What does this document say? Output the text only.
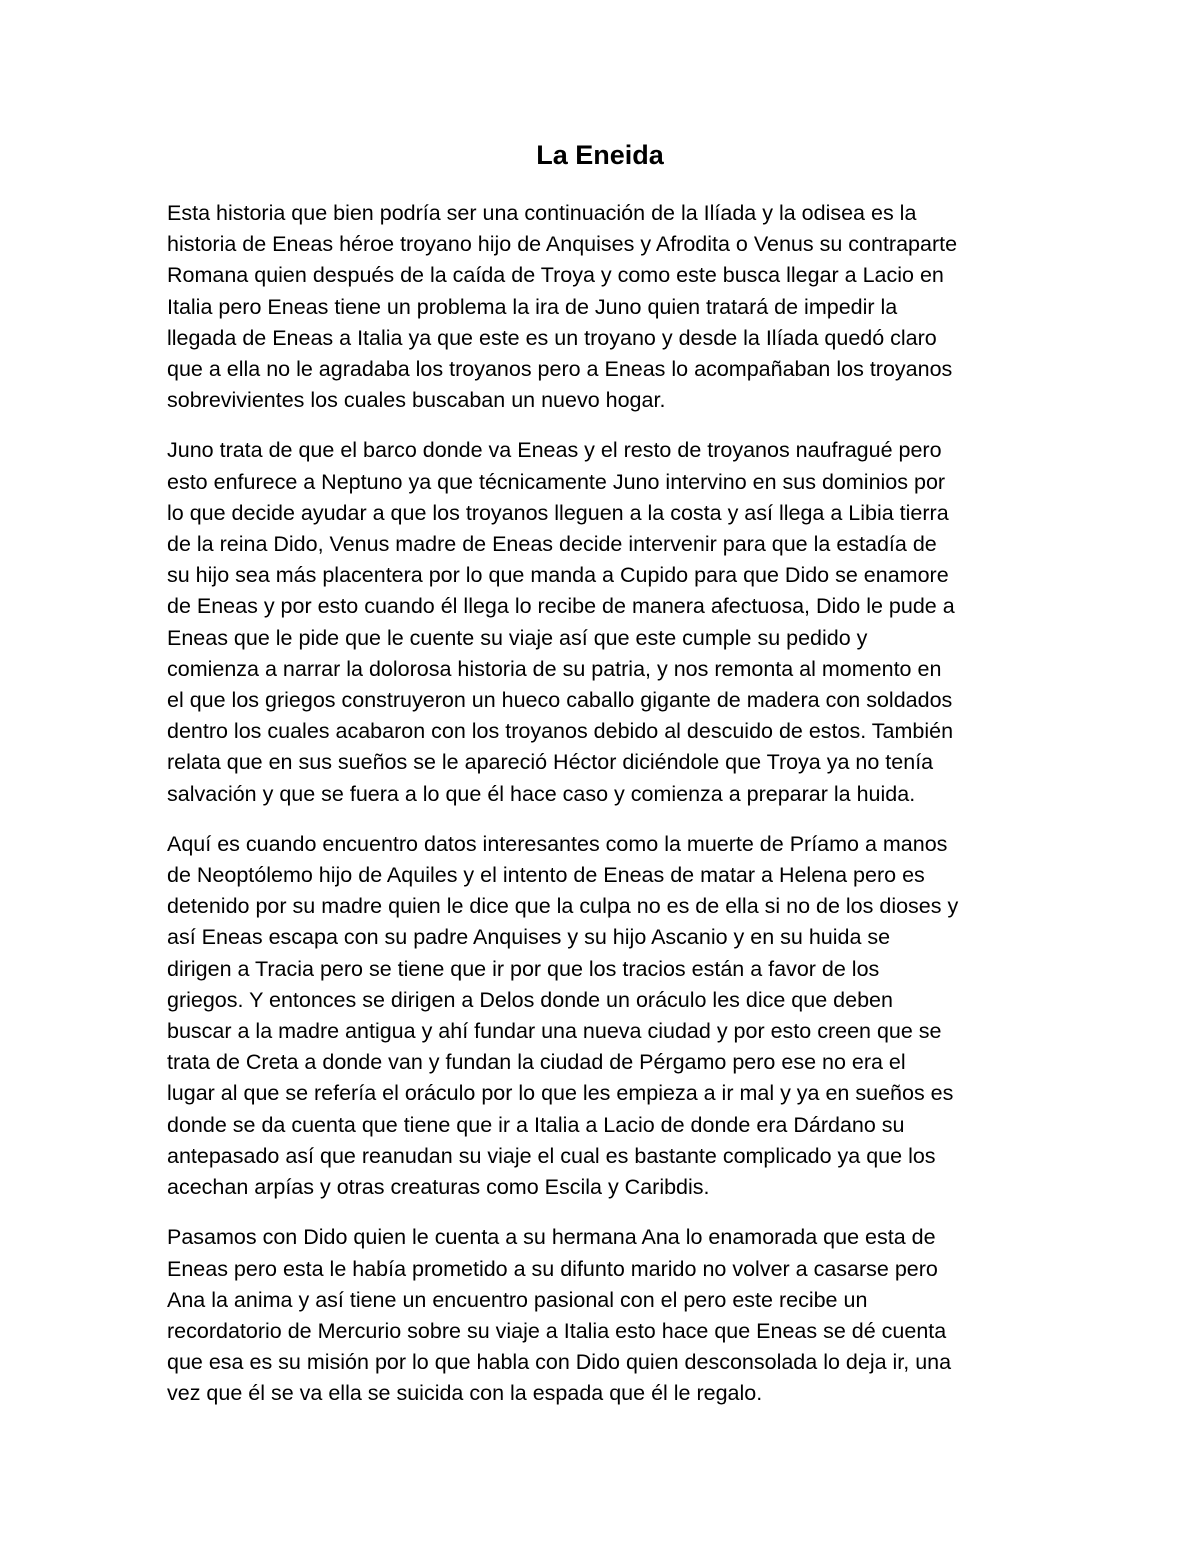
La Eneida

Esta historia que bien podría ser una continuación de la Ilíada y la odisea es la
historia de Eneas héroe troyano hijo de Anquises y Afrodita o Venus su contraparte
Romana quien después de la caída de Troya y como este busca llegar a Lacio en
Italia pero Eneas tiene un problema la ira de Juno quien tratará de impedir la
llegada de Eneas a Italia ya que este es un troyano y desde la Ilíada quedó claro
que a ella no le agradaba los troyanos pero a Eneas lo acompañaban los troyanos
sobrevivientes los cuales buscaban un nuevo hogar.

Juno trata de que el barco donde va Eneas y el resto de troyanos naufragué pero
esto enfurece a Neptuno ya que técnicamente Juno intervino en sus dominios por
lo que decide ayudar a que los troyanos lleguen a la costa y así llega a Libia tierra
de la reina Dido, Venus madre de Eneas decide intervenir para que la estadía de
su hijo sea más placentera por lo que manda a Cupido para que Dido se enamore
de Eneas y por esto cuando él llega lo recibe de manera afectuosa, Dido le pude a
Eneas que le pide que le cuente su viaje así que este cumple su pedido y
comienza a narrar la dolorosa historia de su patria, y nos remonta al momento en
el que los griegos construyeron un hueco caballo gigante de madera con soldados
dentro los cuales acabaron con los troyanos debido al descuido de estos. También
relata que en sus sueños se le apareció Héctor diciéndole que Troya ya no tenía
salvación y que se fuera a lo que él hace caso y comienza a preparar la huida.

Aquí es cuando encuentro datos interesantes como la muerte de Príamo a manos
de Neoptólemo hijo de Aquiles y el intento de Eneas de matar a Helena pero es
detenido por su madre quien le dice que la culpa no es de ella si no de los dioses y
así Eneas escapa con su padre Anquises y su hijo Ascanio y en su huida se
dirigen a Tracia pero se tiene que ir por que los tracios están a favor de los
griegos. Y entonces se dirigen a Delos donde un oráculo les dice que deben
buscar a la madre antigua y ahí fundar una nueva ciudad y por esto creen que se
trata de Creta a donde van y fundan la ciudad de Pérgamo pero ese no era el
lugar al que se refería el oráculo por lo que les empieza a ir mal y ya en sueños es
donde se da cuenta que tiene que ir a Italia a Lacio de donde era Dárdano su
antepasado así que reanudan su viaje el cual es bastante complicado ya que los
acechan arpías y otras creaturas como Escila y Caribdis.

Pasamos con Dido quien le cuenta a su hermana Ana lo enamorada que esta de
Eneas pero esta le había prometido a su difunto marido no volver a casarse pero
Ana la anima y así tiene un encuentro pasional con el pero este recibe un
recordatorio de Mercurio sobre su viaje a Italia esto hace que Eneas se dé cuenta
que esa es su misión por lo que habla con Dido quien desconsolada lo deja ir, una
vez que él se va ella se suicida con la espada que él le regalo.
